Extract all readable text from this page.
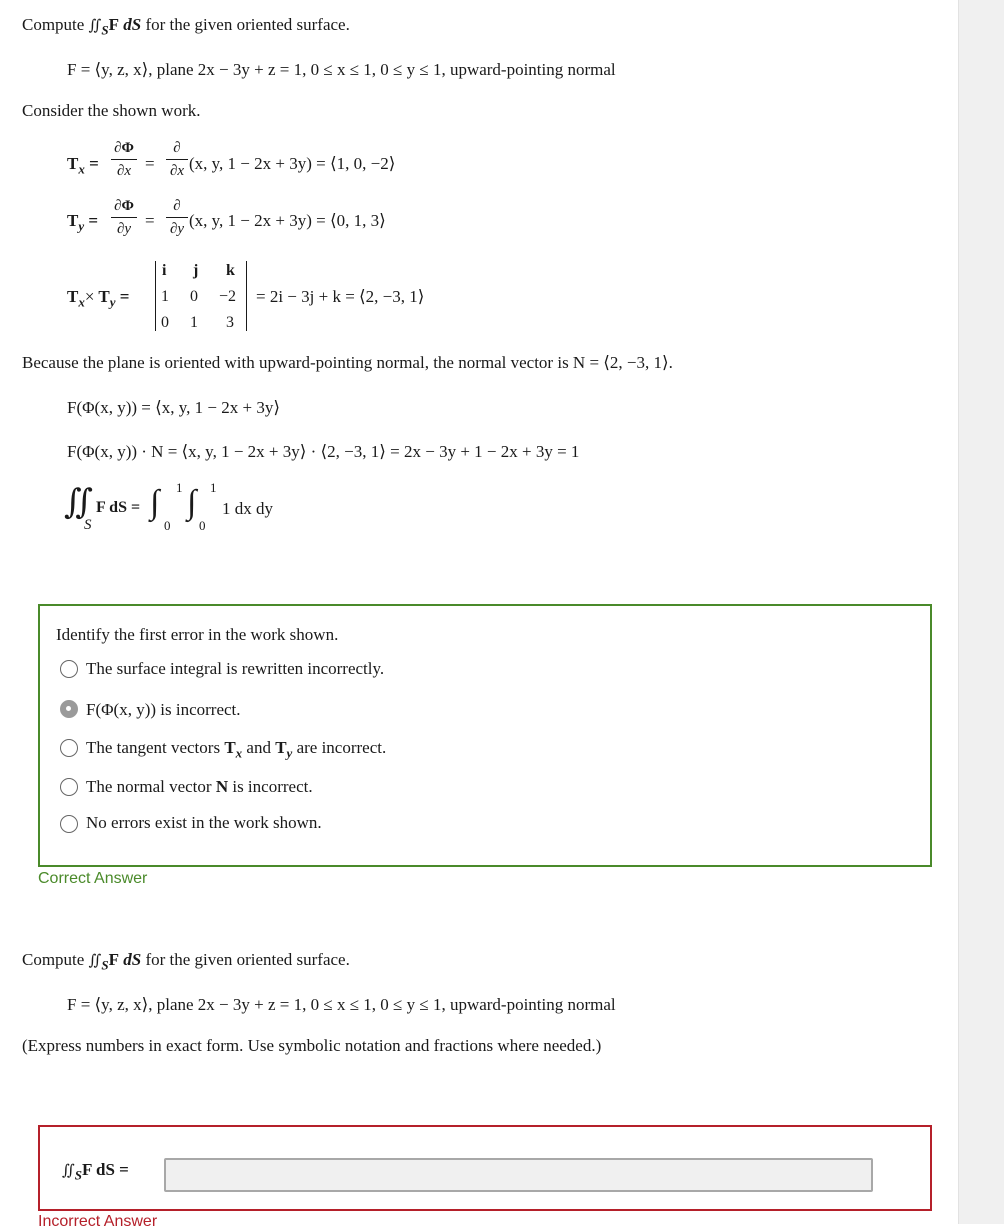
Compute $∬_SF$ dS for the given oriented surface.
F = ⟨y, z, x⟩, plane 2x − 3y + z = 1, 0 ≤ x ≤ 1, 0 ≤ y ≤ 1, upward-pointing normal
Consider the shown work.
$T_x$ =
∂Φ
∂x =
∂
∂x (x, y, 1 − 2x + 3y) = ⟨1, 0, −2⟩
$T_y$ =
∂Φ
∂y =
∂
∂y (x, y, 1 − 2x + 3y) = ⟨0, 1, 3⟩
$T_x\times T_y$ =
i j k
1 0 −2
0 1 3
= 2i − 3j + k = ⟨2, −3, 1⟩
Because the plane is oriented with upward-pointing normal, the normal vector is N = ⟨2, −3, 1⟩.
F(Φ(x, y)) = ⟨x, y, 1 − 2x + 3y⟩
F(Φ(x, y)) · N = ⟨x, y, 1 − 2x + 3y⟩ · ⟨2, −3, 1⟩ = 2x − 3y + 1 − 2x + 3y = 1
∬
S
F dS = ∫ 1
0
∫ 1
0
1 dx dy
Identify the first error in the work shown.
The surface integral is rewritten incorrectly.
F(Φ(x, y)) is incorrect.
The tangent vectors $T_x$ and $T_y$ are incorrect.
The normal vector N is incorrect.
No errors exist in the work shown.
Correct Answer
Compute $∬_SF$ dS for the given oriented surface.
F = ⟨y, z, x⟩, plane 2x − 3y + z = 1, 0 ≤ x ≤ 1, 0 ≤ y ≤ 1, upward-pointing normal
(Express numbers in exact form. Use symbolic notation and fractions where needed.)
$∬_SF$ dS =
Incorrect Answer
